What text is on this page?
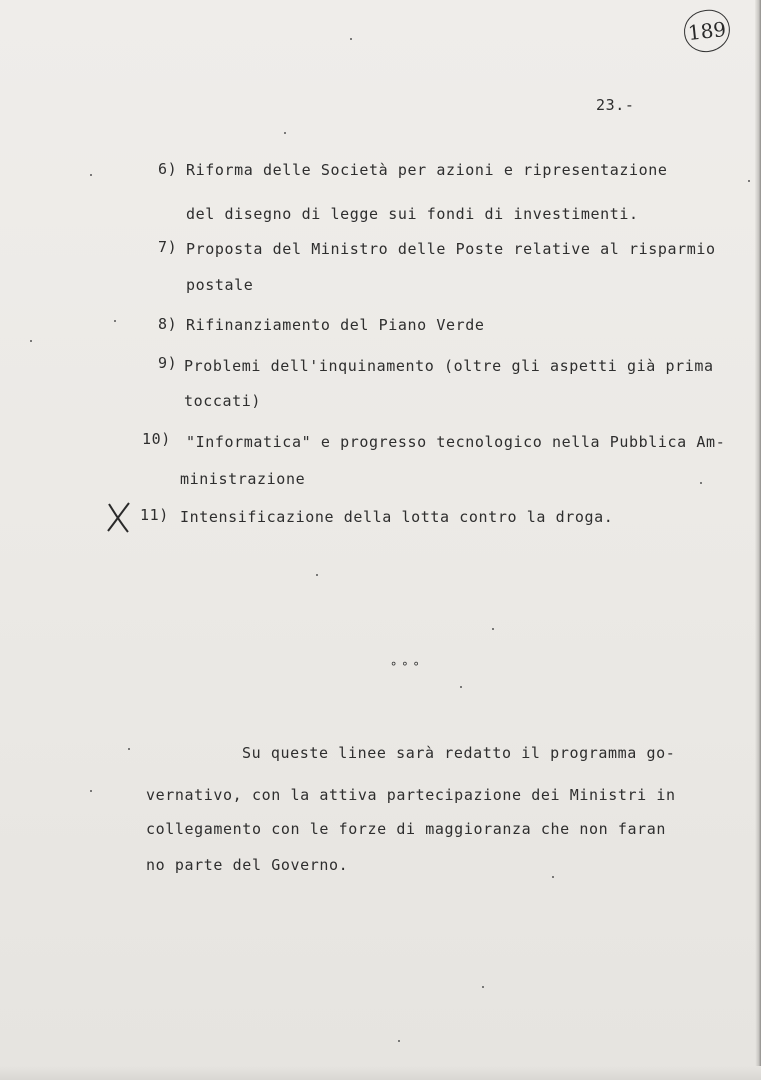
189
23.-
6) Riforma delle Società per azioni e ripresentazione
del disegno di legge sui fondi di investimenti.
7) Proposta del Ministro delle Poste relative al risparmio
postale
8) Rifinanziamento del Piano Verde
9) Problemi dell'inquinamento (oltre gli aspetti già prima
toccati)
10) "Informatica" e progresso tecnologico nella Pubblica Am-
ministrazione
11) Intensificazione della lotta contro la droga.
°°°
Su queste linee sarà redatto il programma go-
vernativo, con la attiva partecipazione dei Ministri in
collegamento con le forze di maggioranza che non faran
no parte del Governo.
